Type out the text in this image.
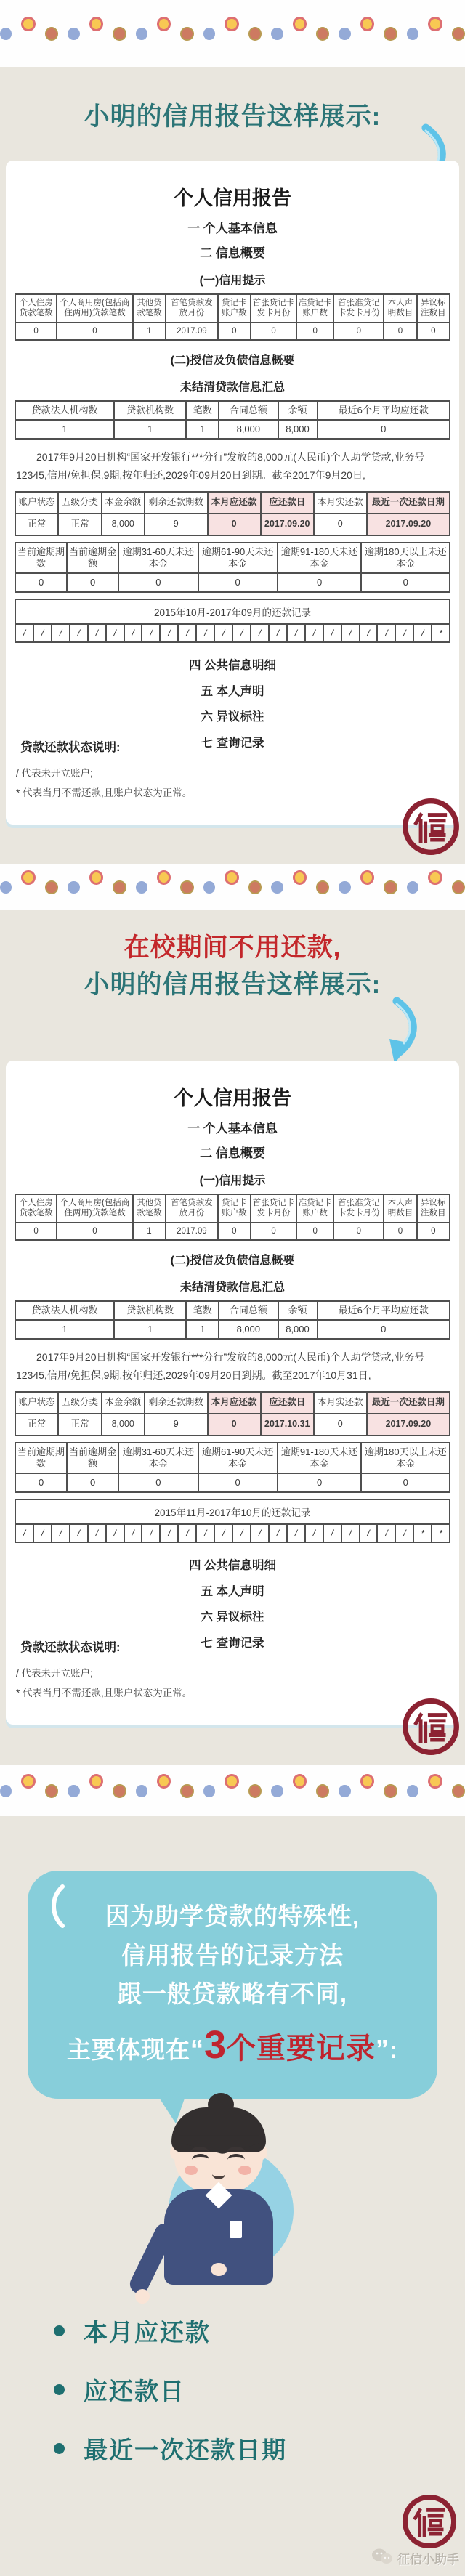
小明的信用报告这样展示:
个人信用报告
一 个人基本信息
二 信息概要
(一)信用提示
个人住房贷款笔数	个人商用房(包括商住两用)贷款笔数	其他贷款笔数	首笔贷款发放月份	贷记卡账户数	首张贷记卡发卡月份	准贷记卡账户数	首张准贷记卡发卡月份	本人声明数目	异议标注数目
0	0	1	2017.09	0	0	0	0	0	0
(二)授信及负债信息概要
未结清贷款信息汇总
贷款法人机构数	贷款机构数	笔数	合同总额	余额	最近6个月平均应还款
1	1	1	8,000	8,000	0

2017年9月20日机构“国家开发银行***分行”发放的8,000元(人民币)个人助学贷款,业务号12345,信用/免担保,9期,按年归还,2029年09月20日到期。截至2017年9月20日,

账户状态	五级分类	本金余额	剩余还款期数	本月应还款	应还款日	本月实还款	最近一次还款日期
正常	正常	8,000	9	0	2017.09.20	0	2017.09.20
当前逾期期数	当前逾期金额	逾期31-60天未还本金	逾期61-90天未还本金	逾期91-180天未还本金	逾期180天以上未还本金
0	0	0	0	0	0
2015年10月-2017年09月的还款记录
/	/	/	/	/	/	/	/	/	/	/	/	/	/	/	/	/	/	/	/	/	/	/	*
四 公共信息明细
五 本人声明
六 异议标注
七 查询记录
贷款还款状态说明:
/ 代表未开立账户;
* 代表当月不需还款,且账户状态为正常。
在校期间不用还款,
小明的信用报告这样展示:
个人信用报告
一 个人基本信息
二 信息概要
(一)信用提示
个人住房贷款笔数	个人商用房(包括商住两用)贷款笔数	其他贷款笔数	首笔贷款发放月份	贷记卡账户数	首张贷记卡发卡月份	准贷记卡账户数	首张准贷记卡发卡月份	本人声明数目	异议标注数目
0	0	1	2017.09	0	0	0	0	0	0
(二)授信及负债信息概要
未结清贷款信息汇总
贷款法人机构数	贷款机构数	笔数	合同总额	余额	最近6个月平均应还款
1	1	1	8,000	8,000	0

2017年9月20日机构“国家开发银行***分行”发放的8,000元(人民币)个人助学贷款,业务号12345,信用/免担保,9期,按年归还,2029年09月20日到期。截至2017年10月31日,

账户状态	五级分类	本金余额	剩余还款期数	本月应还款	应还款日	本月实还款	最近一次还款日期
正常	正常	8,000	9	0	2017.10.31	0	2017.09.20
当前逾期期数	当前逾期金额	逾期31-60天未还本金	逾期61-90天未还本金	逾期91-180天未还本金	逾期180天以上未还本金
0	0	0	0	0	0
2015年11月-2017年10月的还款记录
/	/	/	/	/	/	/	/	/	/	/	/	/	/	/	/	/	/	/	/	/	/	*	*
四 公共信息明细
五 本人声明
六 异议标注
七 查询记录
贷款还款状态说明:
/ 代表未开立账户;
* 代表当月不需还款,且账户状态为正常。
因为助学贷款的特殊性,
信用报告的记录方法
跟一般贷款略有不同,
主要体现在“3个重要记录”:
本月应还款
应还款日
最近一次还款日期
征信小助手
